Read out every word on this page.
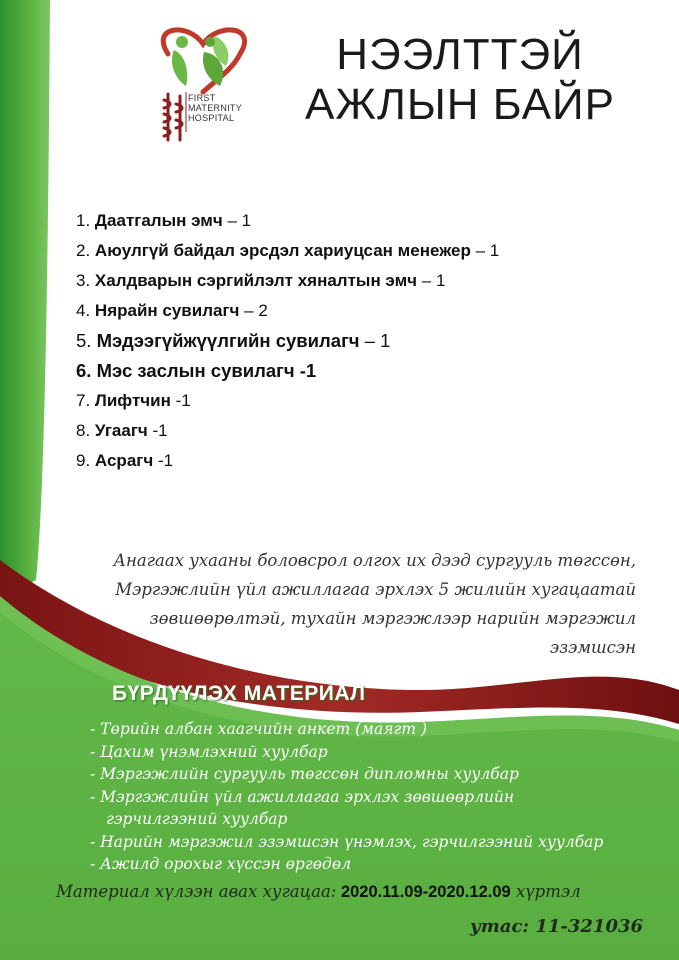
FIRST
MATERNITY
HOSPITAL
НЭЭЛТТЭЙ
АЖЛЫН БАЙР
1. Даатгалын эмч – 1
2. Аюулгүй байдал эрсдэл хариуцсан менежер – 1
3. Халдварын сэргийлэлт хяналтын эмч – 1
4. Нярайн сувилагч – 2
5. Мэдээгүйжүүлгийн сувилагч – 1
6. Мэс заслын сувилагч -1
7. Лифтчин -1
8. Угаагч -1
9. Асрагч -1
Анагаах ухааны боловсрол олгох их дээд сургууль төгссөн,
Мэргэжлийн үйл ажиллагаа эрхлэх 5 жилийн хугацаатай
зөвшөөрөлтэй, тухайн мэргэжлээр нарийн мэргэжил
эзэмшсэн
БҮРДҮҮЛЭХ МАТЕРИАЛ
- Төрийн албан хаагчийн анкет (маягт )
- Цахим үнэмлэхний хуулбар
- Мэргэжлийн сургууль төгссөн дипломны хуулбар
- Мэргэжлийн үйл ажиллагаа эрхлэх зөвшөөрлийн
гэрчилгээний хуулбар
- Нарийн мэргэжил эзэмшсэн үнэмлэх, гэрчилгээний хуулбар
- Ажилд орохыг хүссэн өргөдөл
Материал хүлээн авах хугацаа: 2020.11.09-2020.12.09 хүртэл
утас: 11-321036
